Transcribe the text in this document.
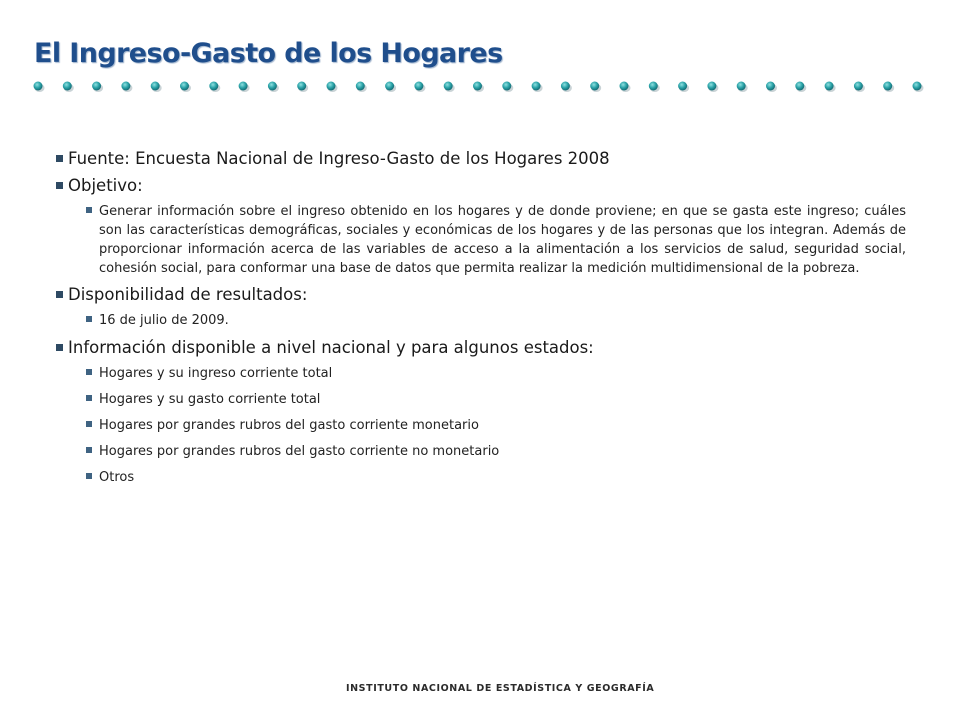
El Ingreso-Gasto de los Hogares
Fuente: Encuesta Nacional de Ingreso-Gasto de los Hogares 2008
Objetivo:
Generar información sobre el ingreso obtenido en los hogares y de donde proviene; en que se gasta este ingreso; cuáles son las características demográficas, sociales y económicas de los hogares y de las personas que los integran. Además de proporcionar información acerca de las variables de acceso a la alimentación a los servicios de salud, seguridad social, cohesión social, para conformar una base de datos que permita realizar la medición multidimensional de la pobreza.
Disponibilidad de resultados:
16 de julio de 2009.
Información disponible a nivel nacional y para algunos estados:
Hogares y su ingreso corriente total
Hogares y su gasto corriente total
Hogares por grandes rubros del gasto corriente monetario
Hogares por grandes rubros del gasto corriente no monetario
Otros
INSTITUTO NACIONAL DE ESTADÍSTICA Y GEOGRAFÍA
